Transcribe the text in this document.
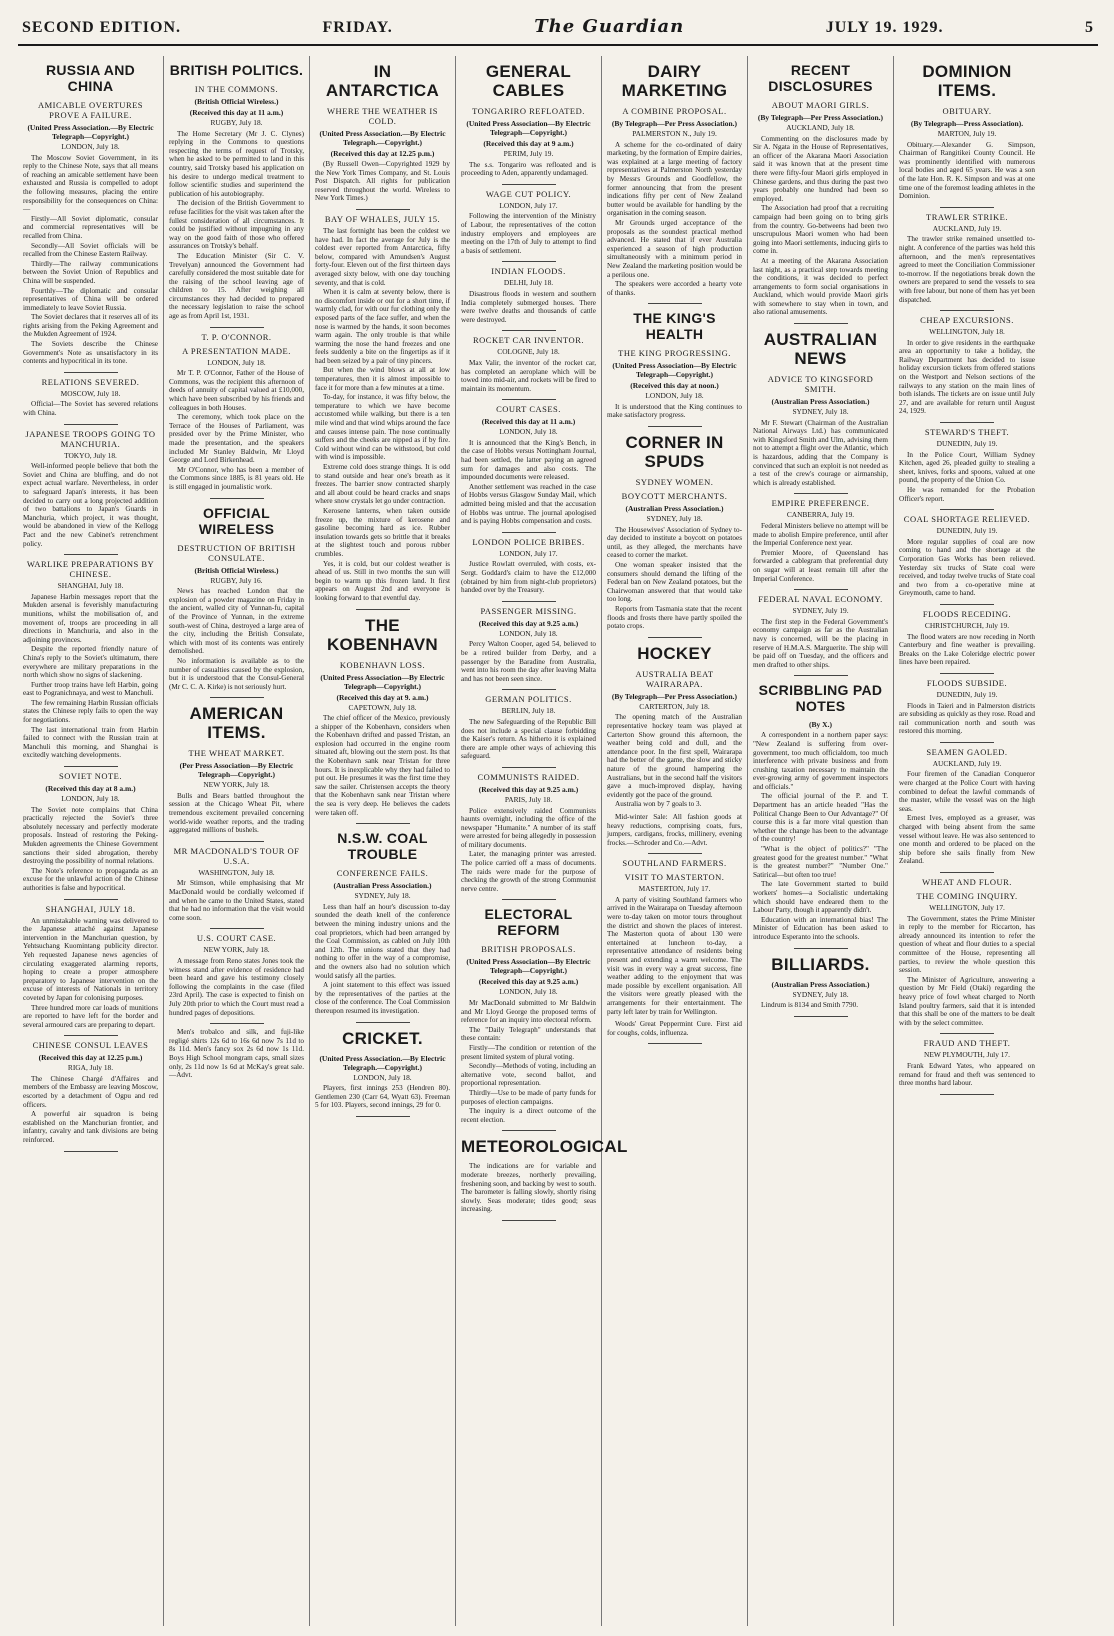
SECOND EDITION.	FRIDAY.	The Guardian	JULY 19. 1929.	5
RUSSIA AND CHINA
AMICABLE OVERTURES PROVE A FAILURE.
(United Press Association.—By Electric Telegraph—Copyright.)
LONDON, July 18.

The Moscow Soviet Government, in its reply to the Chinese Note, says that all means of reaching an amicable settlement have been exhausted and Russia is compelled to adopt the following measures, placing the entire responsibility for the consequences on China:—

Firstly—All Soviet diplomatic, consular and commercial representatives will be recalled from China.

Secondly—All Soviet officials will be recalled from the Chinese Eastern Railway.

Thirdly—The railway communications between the Soviet Union of Republics and China will be suspended.

Fourthly—The diplomatic and consular representatives of China will be ordered immediately to leave Soviet Russia.

The Soviet declares that it reserves all of its rights arising from the Peking Agreement and the Mukden Agreement of 1924.

The Soviets describe the Chinese Government's Note as unsatisfactory in its contents and hypocritical in its tone.

RELATIONS SEVERED.
MOSCOW, July 18.

Official—The Soviet has severed relations with China.

JAPANESE TROOPS GOING TO MANCHURIA.
TOKYO, July 18.

Well-informed people believe that both the Soviet and China are bluffing, and do not expect actual warfare. Nevertheless, in order to safeguard Japan's interests, it has been decided to carry out a long projected addition of two battalions to Japan's Guards in Manchuria, which project, it was thought, would be abandoned in view of the Kellogg Pact and the new Cabinet's retrenchment policy.

WARLIKE PREPARATIONS BY CHINESE.
SHANGHAI, July 18.

Japanese Harbin messages report that the Mukden arsenal is feverishly manufacturing munitions, whilst the mobilisation of, and movement of, troops are proceeding in all directions in Manchuria, and also in the adjoining provinces.

Despite the reported friendly nature of China's reply to the Soviet's ultimatum, there everywhere are military preparations in the north which show no signs of slackening.

Further troop trains have left Harbin, going east to Pogranichnaya, and west to Manchuli.

The few remaining Harbin Russian officials states the Chinese reply fails to open the way for negotiations.

The last international train from Harbin failed to connect with the Russian train at Manchuli this morning, and Shanghai is excitedly watching developments.

SOVIET NOTE.
(Received this day at 8 a.m.)
LONDON, July 18.

The Soviet note complains that China practically rejected the Soviet's three absolutely necessary and perfectly moderate proposals. Instead of restoring the Peking-Mukden agreements the Chinese Government sanctions their sided abrogation, thereby destroying the possibility of normal relations.

The Note's reference to propaganda as an excuse for the unlawful action of the Chinese authorities is false and hypocritical.

SHANGHAI, JULY 18.

An unmistakable warning was delivered to the Japanese attaché against Japanese intervention in the Manchurian question, by Yehtsuchang Kuomintang publicity director. Yeh requested Japanese news agencies of circulating exaggerated alarming reports, hoping to create a proper atmosphere preparatory to Japanese intervention on the excuse of interests of Nationals in territory coveted by Japan for colonising purposes.

Three hundred more car loads of munitions are reported to have left for the border and several armoured cars are preparing to depart.

CHINESE CONSUL LEAVES
(Received this day at 12.25 p.m.)
RIGA, July 18.

The Chinese Chargé d'Affaires and members of the Embassy are leaving Moscow, escorted by a detachment of Ogpu and red officers.

A powerful air squadron is being established on the Manchurian frontier, and infantry, cavalry and tank divisions are being reinforced.

BRITISH POLITICS.
IN THE COMMONS.
(British Official Wireless.)
(Received this day at 11 a.m.)
RUGBY, July 18.

The Home Secretary (Mr J. C. Clynes) replying in the Commons to questions respecting the terms of request of Trotsky, when he asked to be permitted to land in this country, said Trotsky based his application on his desire to undergo medical treatment to follow scientific studies and superintend the publication of his autobiography.

The decision of the British Government to refuse facilities for the visit was taken after the fullest consideration of all circumstances. It could be justified without impugning in any way on the good faith of those who offered assurances on Trotsky's behalf.

The Education Minister (Sir C. V. Trevelyan) announced the Government had carefully considered the most suitable date for the raising of the school leaving age of children to 15. After weighing all circumstances they had decided to prepared the necessary legislation to raise the school age as from April 1st, 1931.

T. P. O'CONNOR.
A PRESENTATION MADE.
LONDON, July 18.

Mr T. P. O'Connor, Father of the House of Commons, was the recipient this afternoon of deeds of annuity of capital valued at £10,000, which have been subscribed by his friends and colleagues in both Houses.

The ceremony, which took place on the Terrace of the Houses of Parliament, was presided over by the Prime Minister, who made the presentation, and the speakers included Mr Stanley Baldwin, Mr Lloyd George and Lord Birkenhead.

Mr O'Connor, who has been a member of the Commons since 1885, is 81 years old. He is still engaged in journalistic work.

OFFICIAL WIRELESS
DESTRUCTION OF BRITISH CONSULATE.
(British Official Wireless.)
RUGBY, July 16.

News has reached London that the explosion of a powder magazine on Friday in the ancient, walled city of Yunnan-fu, capital of the Province of Yunnan, in the extreme south-west of China, destroyed a large area of the city, including the British Consulate, which with most of its contents was entirely demolished.

No information is available as to the number of casualties caused by the explosion, but it is understood that the Consul-General (Mr C. C. A. Kirke) is not seriously hurt.

AMERICAN ITEMS.
THE WHEAT MARKET.
(Per Press Association—By Electric Telegraph—Copyright.)
NEW YORK, July 18.

Bulls and Bears battled throughout the session at the Chicago Wheat Pit, where tremendous excitement prevailed concerning world-wide weather reports, and the trading aggregated millions of bushels.

MR MACDONALD'S TOUR OF U.S.A.
WASHINGTON, July 18.

Mr Stimson, while emphasising that Mr MacDonald would be cordially welcomed if and when he came to the United States, stated that he had no information that the visit would come soon.

U.S. COURT CASE.
NEW YORK, July 18.

A message from Reno states Jones took the witness stand after evidence of residence had been heard and gave his testimony closely following the complaints in the case (filed 23rd April). The case is expected to finish on July 20th prior to which the Court must read a hundred pages of depositions.

Men's trobalco and silk, and fuji-like regligé shirts 12s 6d to 16s 6d now 7s 11d to 8s 11d. Men's fancy sox 2s 6d now 1s 11d. Boys High School mongram caps, small sizes only, 2s 11d now 1s 6d at McKay's great sale.—Advt.

IN ANTARCTICA
WHERE THE WEATHER IS COLD.
(United Press Association.—By Electric Telegraph.—Copyright.)
(Received this day at 12.25 p.m.)

(By Russell Owen—Copyrighted 1929 by the New York Times Company, and St. Louis Post Dispatch. All rights for publication reserved throughout the world. Wireless to New York Times.)

BAY OF WHALES, JULY 15.

The last fortnight has been the coldest we have had. In fact the average for July is the coldest ever reported from Antarctica, fifty below, compared with Amundsen's August forty-four. Eleven out of the first thirteen days averaged sixty below, with one day touching seventy, and that is cold.

When it is calm at seventy below, there is no discomfort inside or out for a short time, if warmly clad, for with our fur clothing only the exposed parts of the face suffer, and when the nose is warmed by the hands, it soon becomes warm again. The only trouble is that while warming the nose the hand freezes and one feels suddenly a bite on the fingertips as if it had been seized by a pair of tiny pincers.

But when the wind blows at all at low temperatures, then it is almost impossible to face it for more than a few minutes at a time.

To-day, for instance, it was fifty below, the temperature to which we have become accustomed while walking, but there is a ten mile wind and that wind whips around the face and causes intense pain. The nose continually suffers and the cheeks are nipped as if by fire. Cold without wind can be withstood, but cold with wind is impossible.

Extreme cold does strange things. It is odd to stand outside and hear one's breath as it freezes. The barrier snow contracted sharply and all about could be heard cracks and snaps where snow crystals let go under contraction.

Kerosene lanterns, when taken outside freeze up, the mixture of kerosene and gasoline becoming hard as ice. Rubber insulation towards gets so brittle that it breaks at the slightest touch and porous rubber crumbles.

Yes, it is cold, but our coldest weather is ahead of us. Still in two months the sun will begin to warm up this frozen land. It first appears on August 2nd and everyone is looking forward to that eventful day.

THE KOBENHAVN
KOBENHAVN LOSS.
(United Press Association—By Electric Telegraph—Copyright.)
(Received this day at 9. a.m.)
CAPETOWN, July 18.

The chief officer of the Mexico, previously a shipper of the Kobenhavn, considers when the Kobenhavn drifted and passed Tristan, an explosion had occurred in the engine room situated aft, blowing out the stern post. Its that the Kobenhavn sank near Tristan for three hours. It is inexplicable why they had failed to put out. He presumes it was the first time they saw the sailer. Christensen accepts the theory that the Kobenhavn sank near Tristan where the sea is very deep. He believes the cadets were taken off.

N.S.W. COAL TROUBLE
CONFERENCE FAILS.
(Australian Press Association.)
SYDNEY, July 18.

Less than half an hour's discussion to-day sounded the death knell of the conference between the mining industry unions and the coal proprietors, which had been arranged by the Coal Commission, as cabled on July 10th and 12th. The unions stated that they had nothing to offer in the way of a compromise, and the owners also had no solution which would satisfy all the parties.

A joint statement to this effect was issued by the representatives of the parties at the close of the conference. The Coal Commission thereupon resumed its investigation.

CRICKET.
(United Press Association.—By Electric Telegraph.—Copyright.)
LONDON, July 18.

Players, first innings 253 (Hendren 80). Gentlemen 230 (Carr 64, Wyatt 63). Freeman 5 for 103. Players, second innings, 29 for 0.

GENERAL CABLES
TONGARIRO REFLOATED.
(United Press Association—By Electric Telegraph—Copyright.)
(Received this day at 9 a.m.)
PERIM, July 19.

The s.s. Tongariro was refloated and is proceeding to Aden, apparently undamaged.

WAGE CUT POLICY.
LONDON, July 17.

Following the intervention of the Ministry of Labour, the representatives of the cotton industry employers and employees are meeting on the 17th of July to attempt to find a basis of settlement.

INDIAN FLOODS.
DELHI, July 18.

Disastrous floods in western and southern India completely submerged houses. There were twelve deaths and thousands of cattle were destroyed.

ROCKET CAR INVENTOR.
COLOGNE, July 18.

Max Valir, the inventor of the rocket car, has completed an aeroplane which will be towed into mid-air, and rockets will be fired to maintain its momentum.

COURT CASES.
(Received this day at 11 a.m.)
LONDON, July 18.

It is announced that the King's Bench, in the case of Hobbs versus Nottingham Journal, had been settled, the latter paying an agreed sum for damages and also costs. The impounded documents were released.

Another settlement was reached in the case of Hobbs versus Glasgow Sunday Mail, which admitted being misled and that the accusation of Hobbs was untrue. The journal apologised and is paying Hobbs compensation and costs.

LONDON POLICE BRIBES.
LONDON, July 17.

Justice Rowlatt overruled, with costs, ex-Sergt. Goddard's claim to have the £12,000 (obtained by him from night-club proprietors) handed over by the Treasury.

PASSENGER MISSING.
(Received this day at 9.25 a.m.)
LONDON, July 18.

Percy Walton Cooper, aged 54, believed to be a retired builder from Derby, and a passenger by the Baradine from Australia, went into his room the day after leaving Malta and has not been seen since.

GERMAN POLITICS.
BERLIN, July 18.

The new Safeguarding of the Republic Bill does not include a special clause forbidding the Kaiser's return. As hitherto it is explained there are ample other ways of achieving this safeguard.

COMMUNISTS RAIDED.
(Received this day at 9.25 a.m.)
PARIS, July 18.

Police extensively raided Communists haunts overnight, including the office of the newspaper "Humanite." A number of its staff were arrested for being allegedly in possession of military documents.

Later, the managing printer was arrested. The police carried off a mass of documents. The raids were made for the purpose of checking the growth of the strong Communist nerve centre.

ELECTORAL REFORM
BRITISH PROPOSALS.
(United Press Association—By Electric Telegraph—Copyright.)
(Received this day at 9.25 a.m.)
LONDON, July 18.

Mr MacDonald submitted to Mr Baldwin and Mr Lloyd George the proposed terms of reference for an inquiry into electoral reform.

The "Daily Telegraph" understands that these contain:

Firstly—The condition or retention of the present limited system of plural voting.

Secondly—Methods of voting, including an alternative vote, second ballot, and proportional representation.

Thirdly—Use to be made of party funds for purposes of election campaigns.

The inquiry is a direct outcome of the recent election.

METEOROLOGICAL

The indications are for variable and moderate breezes, northerly prevailing, freshening soon, and backing by west to south. The barometer is falling slowly, shortly rising slowly. Seas moderate; tides good; seas increasing.

DAIRY MARKETING
A COMBINE PROPOSAL.
(By Telegraph—Per Press Association.)
PALMERSTON N., July 19.

A scheme for the co-ordinated of dairy marketing, by the formation of Empire dairies, was explained at a large meeting of factory representatives at Palmerston North yesterday by Messrs Grounds and Goodfellow, the former announcing that from the present indications fifty per cent of New Zealand butter would be available for handling by the organisation in the coming season.

Mr Grounds urged acceptance of the proposals as the soundest practical method advanced. He stated that if ever Australia experienced a season of high production simultaneously with a minimum period in New Zealand the marketing position would be a perilous one.

The speakers were accorded a hearty vote of thanks.

THE KING'S HEALTH
THE KING PROGRESSING.
(United Press Association—By Electric Telegraph—Copyright.)
(Received this day at noon.)
LONDON, July 18.

It is understood that the King continues to make satisfactory progress.

CORNER IN SPUDS
SYDNEY WOMEN.
BOYCOTT MERCHANTS.
(Australian Press Association.)
SYDNEY, July 18.

The Housewives' Association of Sydney to-day decided to institute a boycott on potatoes until, as they alleged, the merchants have ceased to corner the market.

One woman speaker insisted that the consumers should demand the lifting of the Federal ban on New Zealand potatoes, but the Chairwoman answered that that would take too long.

Reports from Tasmania state that the recent floods and frosts there have partly spoiled the potato crops.

HOCKEY
AUSTRALIA BEAT WAIRARAPA.
(By Telegraph—Per Press Association.)
CARTERTON, July 18.

The opening match of the Australian representative hockey team was played at Carterton Show ground this afternoon, the weather being cold and dull, and the attendance poor. In the first spell, Wairarapa had the better of the game, the slow and sticky nature of the ground hampering the Australians, but in the second half the visitors gave a much-improved display, having evidently got the pace of the ground.

Australia won by 7 goals to 3.

Mid-winter Sale: All fashion goods at heavy reductions, comprising coats, furs, jumpers, cardigans, frocks, millinery, evening frocks.—Schroder and Co.—Advt.

SOUTHLAND FARMERS.
VISIT TO MASTERTON.
MASTERTON, July 17.

A party of visiting Southland farmers who arrived in the Wairarapa on Tuesday afternoon were to-day taken on motor tours throughout the district and shown the places of interest. The Masterton quota of about 130 were entertained at luncheon to-day, a representative attendance of residents being present and extending a warm welcome. The visit was in every way a great success, fine weather adding to the enjoyment that was made possible by excellent organisation. All the visitors were greatly pleased with the arrangements for their entertainment. The party left later by train for Wellington.

Woods' Great Peppermint Cure. First aid for coughs, colds, influenza.

RECENT DISCLOSURES
ABOUT MAORI GIRLS.
(By Telegraph—Per Press Association.)
AUCKLAND, July 18.

Commenting on the disclosures made by Sir A. Ngata in the House of Representatives, an officer of the Akarana Maori Association said it was known that at the present time there were fifty-four Maori girls employed in Chinese gardens, and thus during the past two years probably one hundred had been so employed.

The Association had proof that a recruiting campaign had been going on to bring girls from the country. Go-betweens had been two unscrupulous Maori women who had been going into Maori settlements, inducing girls to come in.

At a meeting of the Akarana Association last night, as a practical step towards meeting the conditions, it was decided to perfect arrangements to form social organisations in Auckland, which would provide Maori girls with somewhere to stay when in town, and also rational amusements.

AUSTRALIAN NEWS
ADVICE TO KINGSFORD SMITH.
(Australian Press Association.)
SYDNEY, July 18.

Mr F. Stewart (Chairman of the Australian National Airways Ltd.) has communicated with Kingsford Smith and Ulm, advising them not to attempt a flight over the Atlantic, which is hazardous, adding that the Company is convinced that such an exploit is not needed as a test of the crew's courage or airmanship, which is already established.

EMPIRE PREFERENCE.
CANBERRA, July 19.

Federal Ministers believe no attempt will be made to abolish Empire preference, until after the Imperial Conference next year.

Premier Moore, of Queensland has forwarded a cablegram that preferential duty on sugar will at least remain till after the Imperial Conference.

FEDERAL NAVAL ECONOMY.
SYDNEY, July 19.

The first step in the Federal Government's economy campaign as far as the Australian navy is concerned, will be the placing in reserve of H.M.A.S. Marguerite. The ship will be paid off on Tuesday, and the officers and men drafted to other ships.

SCRIBBLING PAD NOTES
(By X.)

A correspondent in a northern paper says: "New Zealand is suffering from over-government, too much officialdom, too much interference with private business and from crushing taxation necessary to maintain the ever-growing army of government inspectors and officials."

The official journal of the P. and T. Department has an article headed "Has the Political Change Been to Our Advantage?" Of course this is a far more vital question than whether the change has been to the advantage of the country!

"What is the object of politics?" "The greatest good for the greatest number." "What is the greatest number?" "Number One." Satirical—but often too true!

The late Government started to build workers' homes—a Socialistic undertaking which should have endeared them to the Labour Party, though it apparently didn't.

Education with an international bias! The Minister of Education has been asked to introduce Esperanto into the schools.

BILLIARDS.
(Australian Press Association.)
SYDNEY, July 18.

Lindrum is 8134 and Smith 7790.

DOMINION ITEMS.
OBITUARY.
(By Telegraph—Press Association).
MARTON, July 19.

Obituary.—Alexander G. Simpson, Chairman of Rangitikei County Council. He was prominently identified with numerous local bodies and aged 65 years. He was a son of the late Hon. R. K. Simpson and was at one time one of the foremost leading athletes in the Dominion.

TRAWLER STRIKE.
AUCKLAND, July 19.

The trawler strike remained unsettled to-night. A conference of the parties was held this afternoon, and the men's representatives agreed to meet the Conciliation Commissioner to-morrow. If the negotiations break down the owners are prepared to send the vessels to sea with free labour, but none of them has yet been dispatched.

CHEAP EXCURSIONS.
WELLINGTON, July 18.

In order to give residents in the earthquake area an opportunity to take a holiday, the Railway Department has decided to issue holiday excursion tickets from offered stations on the Westport and Nelson sections of the railways to any station on the main lines of both islands. The tickets are on issue until July 27, and are available for return until August 24, 1929.

STEWARD'S THEFT.
DUNEDIN, July 19.

In the Police Court, William Sydney Kitchen, aged 26, pleaded guilty to stealing a sheet, knives, forks and spoons, valued at one pound, the property of the Union Co.

He was remanded for the Probation Officer's report.

COAL SHORTAGE RELIEVED.
DUNEDIN, July 19.

More regular supplies of coal are now coming to hand and the shortage at the Corporation Gas Works has been relieved. Yesterday six trucks of State coal were received, and today twelve trucks of State coal and two from a co-operative mine at Greymouth, came to hand.

FLOODS RECEDING.
CHRISTCHURCH, July 19.

The flood waters are now receding in North Canterbury and fine weather is prevailing. Breaks on the Lake Coleridge electric power lines have been repaired.

FLOODS SUBSIDE.
DUNEDIN, July 19.

Floods in Taieri and in Palmerston districts are subsiding as quickly as they rose. Road and rail communication north and south was restored this morning.

SEAMEN GAOLED.
AUCKLAND, July 19.

Four firemen of the Canadian Conqueror were charged at the Police Court with having combined to defeat the lawful commands of the master, while the vessel was on the high seas.

Ernest Ives, employed as a greaser, was charged with being absent from the same vessel without leave. He was also sentenced to one month and ordered to be placed on the ship before she sails finally from New Zealand.

WHEAT AND FLOUR.
THE COMING INQUIRY.
WELLINGTON, July 17.

The Government, states the Prime Minister in reply to the member for Riccarton, has already announced its intention to refer the question of wheat and flour duties to a special committee of the House, representing all parties, to review the whole question this session.

The Minister of Agriculture, answering a question by Mr Field (Otaki) regarding the heavy price of fowl wheat charged to North Island poultry farmers, said that it is intended that this shall be one of the matters to be dealt with by the select committee.

FRAUD AND THEFT.
NEW PLYMOUTH, July 17.

Frank Edward Yates, who appeared on remand for fraud and theft was sentenced to three months hard labour.
